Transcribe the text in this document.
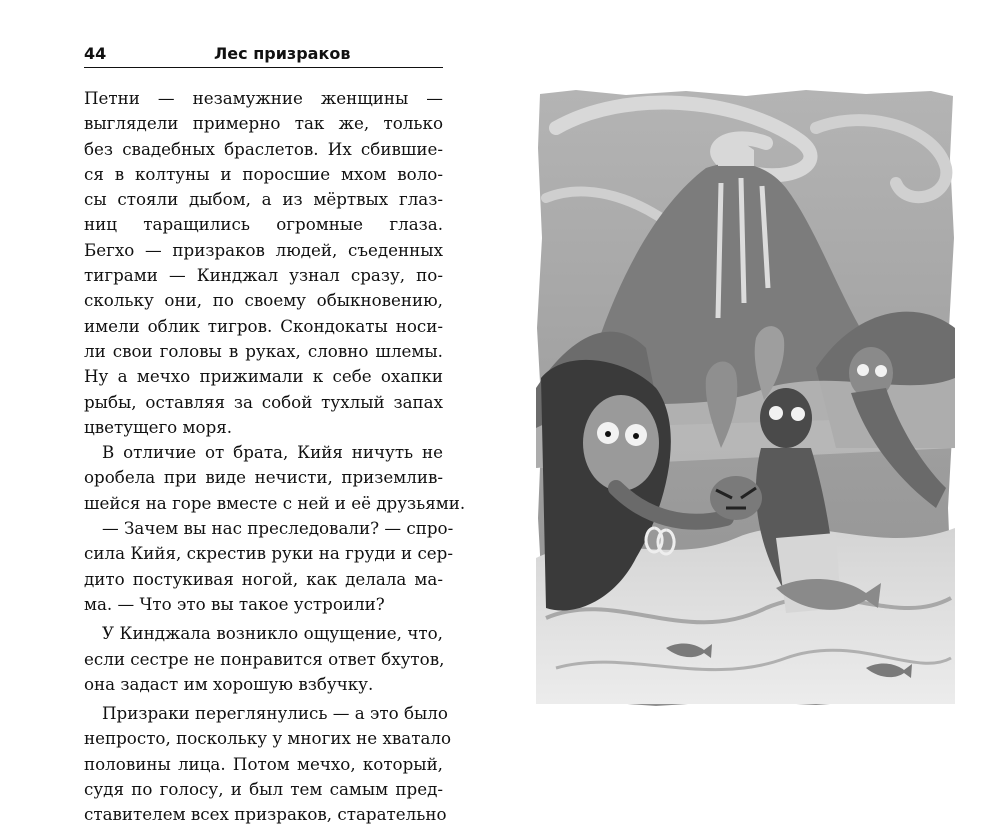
44	Лес призраков
Петни — незамужние женщины —
выглядели примерно так же, только
без свадебных браслетов. Их сбившие-
ся в колтуны и поросшие мхом воло-
сы стояли дыбом, а из мёртвых глаз-
ниц таращились огромные глаза.
Бегхо — призраков людей, съеденных
тиграми — Кинджал узнал сразу, по-
скольку они, по своему обыкновению,
имели облик тигров. Скондокаты носи-
ли свои головы в руках, словно шлемы.
Ну а мечхо прижимали к себе охапки
рыбы, оставляя за собой тухлый запах
цветущего моря.
В отличие от брата, Кийя ничуть не
оробела при виде нечисти, приземлив-
шейся на горе вместе с ней и её друзьями.
— Зачем вы нас преследовали? — спро-
сила Кийя, скрестив руки на груди и сер-
дито постукивая ногой, как делала ма-
ма. — Что это вы такое устроили?
У Кинджала возникло ощущение, что,
если сестре не понравится ответ бхутов,
она задаст им хорошую взбучку.
Призраки переглянулись — а это было
непросто, поскольку у многих не хватало
половины лица. Потом мечхо, который,
судя по голосу, и был тем самым пред-
ставителем всех призраков, старательно
